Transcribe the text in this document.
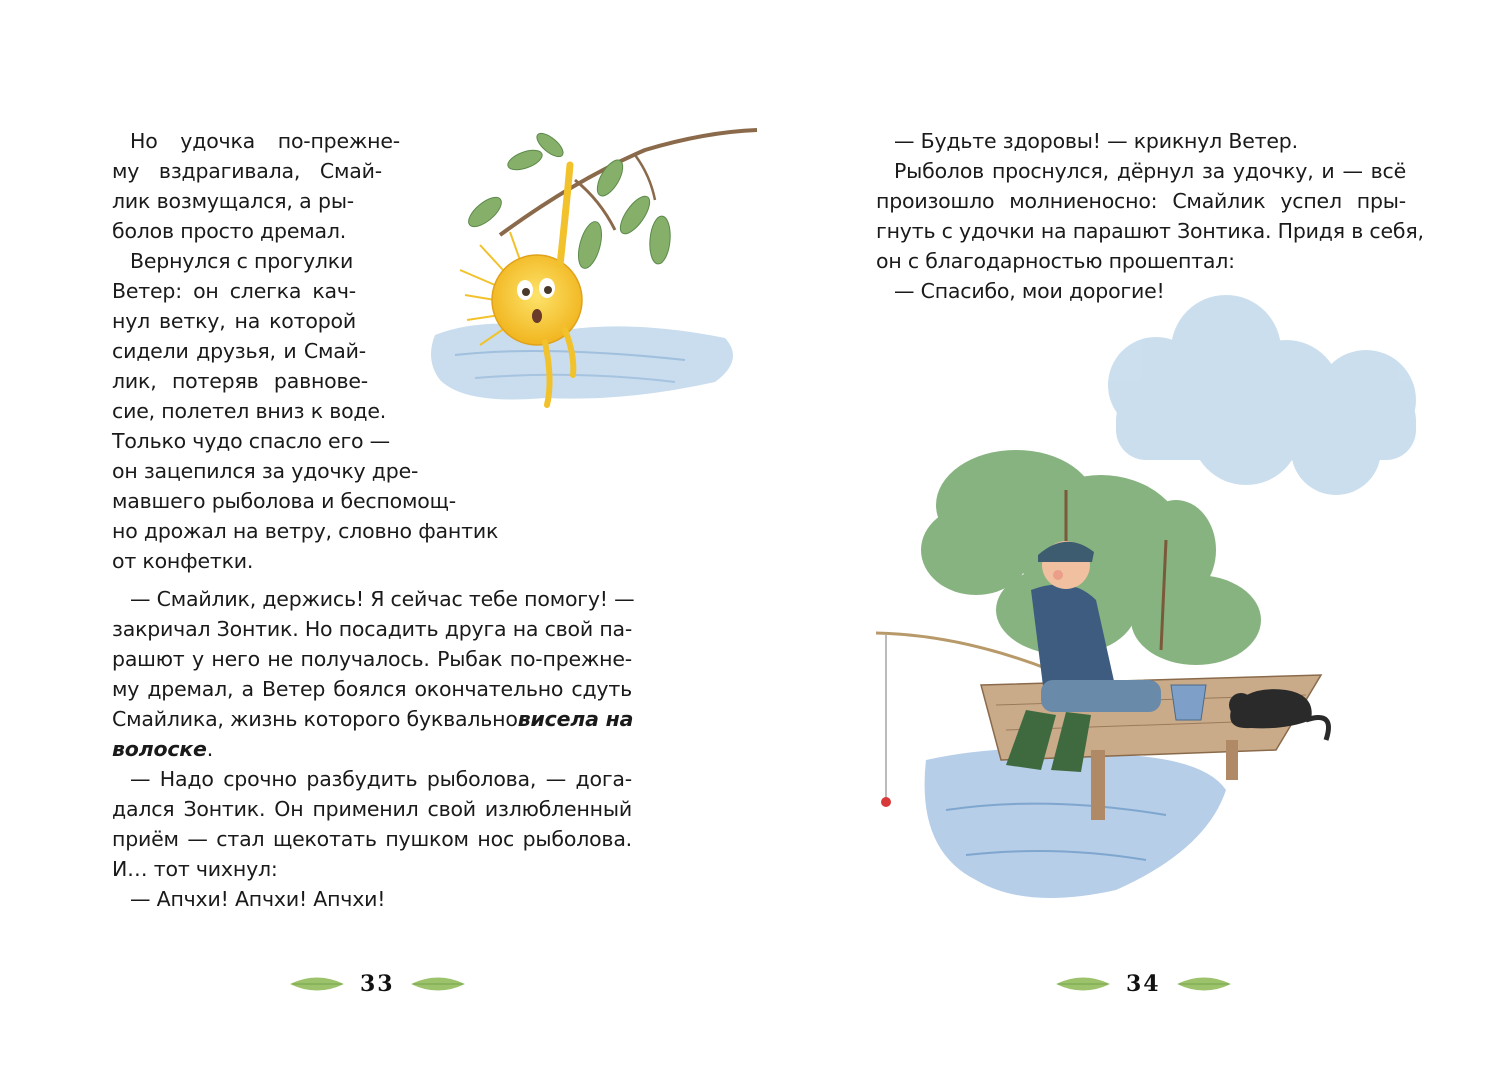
Но удочка по-прежне-
му вздрагивала, Смай-
лик возмущался, а ры-
болов просто дремал.
Вернулся с прогулки
Ветер: он слегка кач-
нул ветку, на которой
сидели друзья, и Смай-
лик, потеряв равнове-
сие, полетел вниз к воде.
Только чудо спасло его —
он зацепился за удочку дре-
мавшего рыболова и беспомощ-
но дрожал на ветру, словно фантик
от конфетки.
— Смайлик, держись! Я сейчас тебе помогу! —
закричал Зонтик. Но посадить друга на свой па-
рашют у него не получалось. Рыбак по-прежне-
му дремал, а Ветер боялся окончательно сдуть
Смайлика, жизнь которого буквально висела на
волоске.
— Надо срочно разбудить рыболова, — дога-
дался Зонтик. Он применил свой излюбленный
приём — стал щекотать пушком нос рыболова.
И… тот чихнул:
— Апчхи! Апчхи! Апчхи!
33
— Будьте здоровы! — крикнул Ветер.
Рыболов проснулся, дёрнул за удочку, и — всё
произошло молниеносно: Смайлик успел пры-
гнуть с удочки на парашют Зонтика. Придя в себя,
он с благодарностью прошептал:
— Спасибо, мои дорогие!
34
